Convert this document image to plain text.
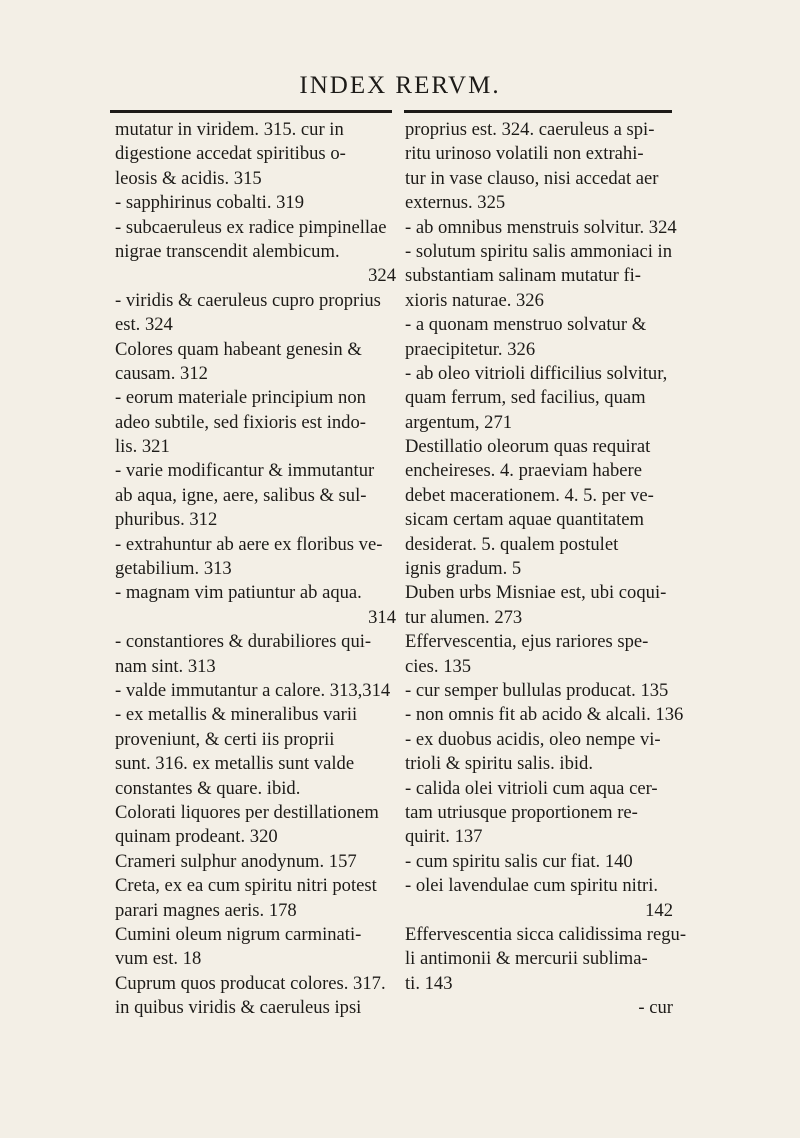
INDEX RERVM.
mutatur in viridem. 315. cur in
digestione accedat spiritibus o-
leosis & acidis. 315
- sapphirinus cobalti. 319
- subcaeruleus ex radice pimpinellae
nigrae transcendit alembicum.
324
- viridis & caeruleus cupro proprius
est. 324
Colores quam habeant genesin &
causam. 312
- eorum materiale principium non
adeo subtile, sed fixioris est indo-
lis. 321
- varie modificantur & immutantur
ab aqua, igne, aere, salibus & sul-
phuribus. 312
- extrahuntur ab aere ex floribus ve-
getabilium. 313
- magnam vim patiuntur ab aqua.
314
- constantiores & durabiliores qui-
nam sint. 313
- valde immutantur a calore. 313,314
- ex metallis & mineralibus varii
proveniunt, & certi iis proprii
sunt. 316. ex metallis sunt valde
constantes & quare. ibid.
Colorati liquores per destillationem
quinam prodeant. 320
Crameri sulphur anodynum. 157
Creta, ex ea cum spiritu nitri potest
parari magnes aeris. 178
Cumini oleum nigrum carminati-
vum est. 18
Cuprum quos producat colores. 317.
in quibus viridis & caeruleus ipsi
proprius est. 324. caeruleus a spi-
ritu urinoso volatili non extrahi-
tur in vase clauso, nisi accedat aer
externus. 325
- ab omnibus menstruis solvitur. 324
- solutum spiritu salis ammoniaci in
substantiam salinam mutatur fi-
xioris naturae. 326
- a quonam menstruo solvatur &
praecipitetur. 326
- ab oleo vitrioli difficilius solvitur,
quam ferrum, sed facilius, quam
argentum, 271
Destillatio oleorum quas requirat
encheireses. 4. praeviam habere
debet macerationem. 4. 5. per ve-
sicam certam aquae quantitatem
desiderat. 5. qualem postulet
ignis gradum. 5
Duben urbs Misniae est, ubi coqui-
tur alumen. 273
Effervescentia, ejus rariores spe-
cies. 135
- cur semper bullulas producat. 135
- non omnis fit ab acido & alcali. 136
- ex duobus acidis, oleo nempe vi-
trioli & spiritu salis. ibid.
- calida olei vitrioli cum aqua cer-
tam utriusque proportionem re-
quirit. 137
- cum spiritu salis cur fiat. 140
- olei lavendulae cum spiritu nitri.
142
Effervescentia sicca calidissima regu-
li antimonii & mercurii sublima-
ti. 143
- cur
